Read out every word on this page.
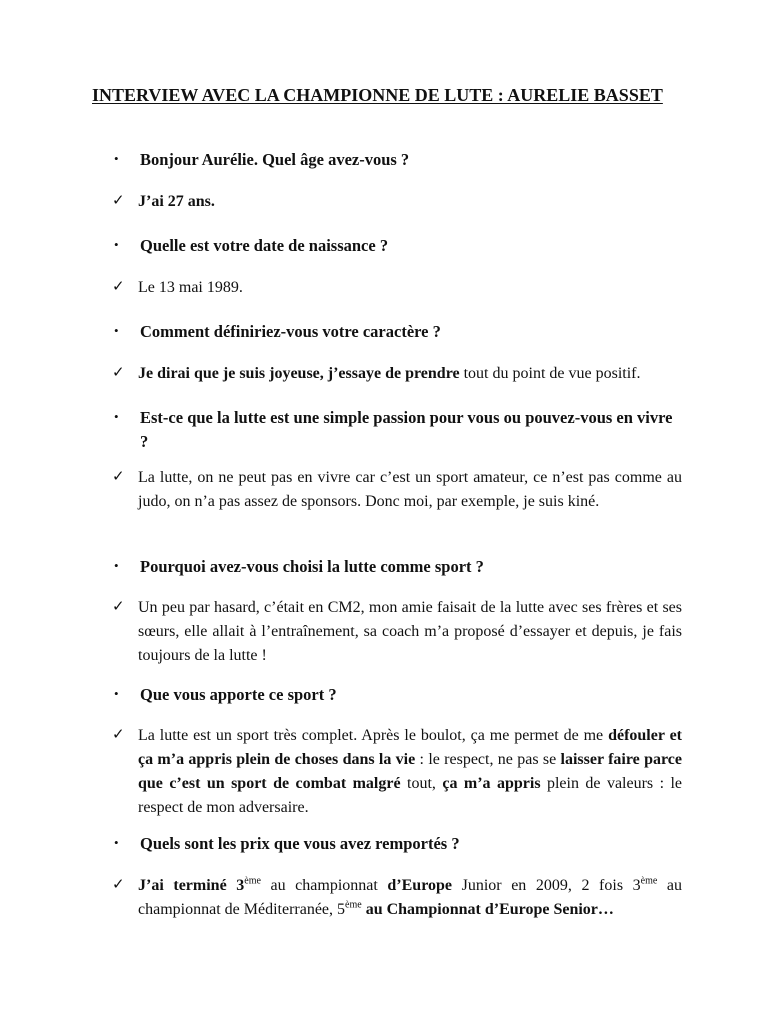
INTERVIEW AVEC LA CHAMPIONNE DE LUTE : AURELIE BASSET
•	Bonjour Aurélie. Quel âge avez-vous ?
✓ J’ai 27 ans.
•	Quelle est votre date de naissance ?
✓ Le 13 mai 1989.
•	Comment définiriez-vous votre caractère ?
✓ Je dirai que je suis joyeuse, j’essaye de prendre tout du point de vue positif.
•	Est-ce que la lutte est une simple passion pour vous ou pouvez-vous en vivre ?
✓ La lutte, on ne peut pas en vivre car c’est un sport amateur, ce n’est pas comme au judo, on n’a pas assez de sponsors. Donc moi, par exemple, je suis kiné.
•	Pourquoi avez-vous choisi la lutte comme sport ?
✓ Un peu par hasard, c’était en CM2, mon amie faisait de la lutte avec ses frères et ses sœurs, elle allait à l’entraînement, sa coach m’a proposé d’essayer et depuis, je fais toujours de la lutte !
•	Que vous apporte ce sport ?
✓ La lutte est un sport très complet. Après le boulot, ça me permet de me défouler et ça m’a appris plein de choses dans la vie : le respect, ne pas se laisser faire parce que c’est un sport de combat malgré tout, ça m’a appris plein de valeurs : le respect de mon adversaire.
•	Quels sont les prix que vous avez remportés ?
✓ J’ai terminé 3ème au championnat d’Europe Junior en 2009, 2 fois 3ème au championnat de Méditerranée, 5ème au Championnat d’Europe Senior…
